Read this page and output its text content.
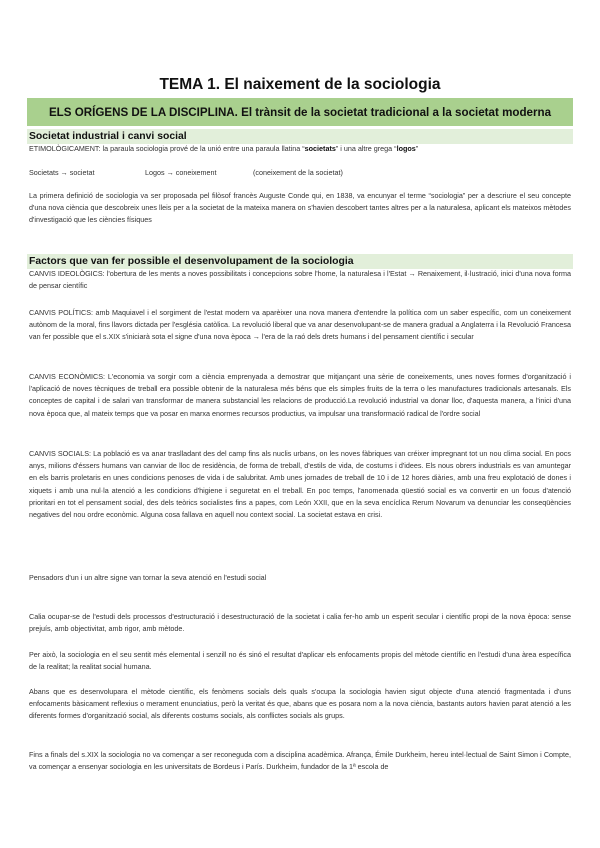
TEMA 1. El naixement de la sociologia
ELS ORÍGENS DE LA DISCIPLINA. El trànsit de la societat tradicional a la societat moderna
Societat industrial i canvi social
ETIMOLÒGICAMENT: la paraula sociologia prové de la unió entre una paraula llatina “societats” i una altre grega “logos”
Societats → societat	Logos → coneixement	(coneixement de la societat)
La primera definició de sociologia va ser proposada pel filòsof francès Auguste Conde qui, en 1838, va encunyar el terme “sociologia” per a descriure el seu concepte d'una nova ciència que descobreix unes lleis per a la societat de la mateixa manera on s'havien descobert tantes altres per a la naturalesa, aplicant els mateixos mètodes d'investigació que les ciències físiques
Factors que van fer possible el desenvolupament de la sociologia
CANVIS IDEOLÒGICS: l'obertura de les ments a noves possibilitats i concepcions sobre l'home, la naturalesa i l'Estat → Renaixement, il·lustració, inici d'una nova forma de pensar científic
CANVIS POLÍTICS: amb Maquiavel i el sorgiment de l'estat modern va aparèixer una nova manera d'entendre la política com un saber específic, com un coneixement autònom de la moral, fins llavors dictada per l'església catòlica. La revolució liberal que va anar desenvolupant-se de manera gradual a Anglaterra i la Revolució Francesa van fer possible que el s.XIX s'iniciarà sota el signe d'una nova època → l'era de la raó dels drets humans i del pensament científic i secular
CANVIS ECONÒMICS: L'economia va sorgir com a ciència emprenyada a demostrar que mitjançant una sèrie de coneixements, unes noves formes d'organització i l'aplicació de noves tècniques de treball era possible obtenir de la naturalesa més béns que els simples fruits de la terra o les manufactures tradicionals artesanals. Els conceptes de capital i de salari van transformar de manera substancial les relacions de producció.La revolució industrial va donar lloc, d'aquesta manera, a l'inici d'una nova època que, al mateix temps que va posar en marxa enormes recursos productius, va impulsar una transformació radical de l'ordre social
CANVIS SOCIALS: La població es va anar traslladant des del camp fins als nuclis urbans, on les noves fàbriques van créixer impregnant tot un nou clima social. En pocs anys, milions d'éssers humans van canviar de lloc de residència, de forma de treball, d'estils de vida, de costums i d'idees. Els nous obrers industrials es van amuntegar en els barris proletaris en unes condicions penoses de vida i de salubritat. Amb unes jornades de treball de 10 i de 12 hores diàries, amb una freu explotació de dones i xiquets i amb una nul·la atenció a les condicions d'higiene i seguretat en el treball. En poc temps, l'anomenada qüestió social es va convertir en un focus d'atenció prioritari en tot el pensament social, des dels teòrics socialistes fins a papes, com León XXII, que en la seva encíclica Rerum Novarum va denunciar les conseqüències negatives del nou ordre econòmic. Alguna cosa fallava en aquell nou context social. La societat estava en crisi.
Pensadors d'un i un altre signe van tornar la seva atenció en l'estudi social
Calia ocupar-se de l'estudi dels processos d'estructuració i desestructuració de la societat i calia fer-ho amb un esperit secular i científic propi de la nova època: sense prejuís, amb objectivitat, amb rigor, amb mètode.
Per això, la sociologia en el seu sentit més elemental i senzill no és sinó el resultat d'aplicar els enfocaments propis del mètode científic en l'estudi d'una àrea específica de la realitat; la realitat social humana.
Abans que es desenvolupara el mètode científic, els fenòmens socials dels quals s'ocupa la sociologia havien sigut objecte d'una atenció fragmentada i d'uns enfocaments bàsicament reflexius o merament enunciatius, però la veritat és que, abans que es posara nom a la nova ciència, bastants autors havien parat atenció a les diferents formes d'organització social, als diferents costums socials, als conflictes socials als grups.
Fins a finals del s.XIX la sociologia no va començar a ser reconeguda com a disciplina acadèmica. Afrança, Émile Durkheim, hereu intel·lectual de Saint Simon i Compte, va començar a ensenyar sociologia en les universitats de Bordeus i París. Durkheim, fundador de la 1ª escola de
